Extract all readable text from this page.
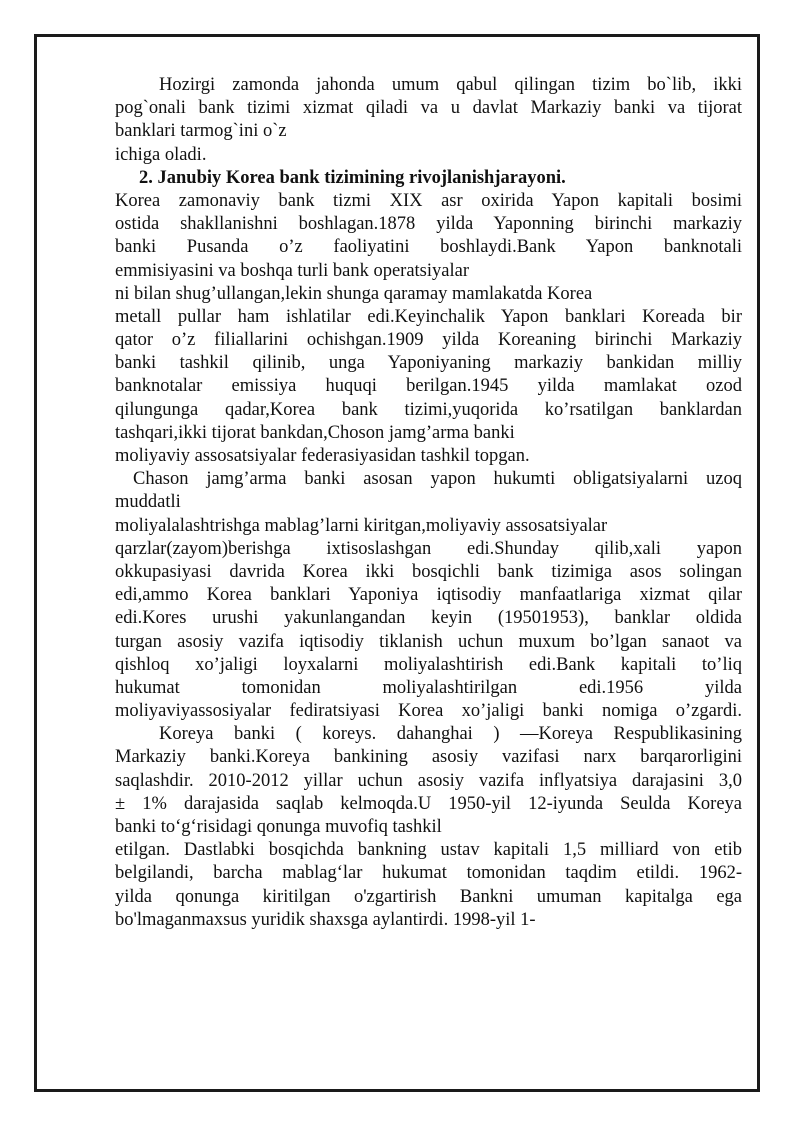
Hozirgi zamonda jahonda umum qabul qilingan tizim bo`lib, ikki
pog`onali bank tizimi xizmat qiladi va u davlat Markaziy banki va tijorat
banklari tarmog`ini o`z
ichiga oladi.
2. Janubiy Korea bank tizimining rivojlanishjarayoni.
Korea zamonaviy bank tizmi XIX asr oxirida Yapon kapitali bosimi
ostida shakllanishni boshlagan.1878 yilda Yaponning birinchi markaziy
banki Pusanda o’z faoliyatini boshlaydi.Bank Yapon banknotali
emmisiyasini va boshqa turli bank operatsiyalar
ni bilan shug’ullangan,lekin shunga qaramay mamlakatda Korea
metall pullar ham ishlatilar edi.Keyinchalik Yapon banklari Koreada bir
qator o’z filiallarini ochishgan.1909 yilda Koreaning birinchi Markaziy
banki tashkil qilinib, unga Yaponiyaning markaziy bankidan milliy
banknotalar emissiya huquqi berilgan.1945 yilda mamlakat ozod
qilungunga qadar,Korea bank tizimi,yuqorida ko’rsatilgan banklardan
tashqari,ikki tijorat bankdan,Choson jamg’arma banki
moliyaviy assosatsiyalar federasiyasidan tashkil topgan.
Chason jamg’arma banki asosan yapon hukumti obligatsiyalarni uzoq
muddatli
moliyalalashtrishga mablag’larni kiritgan,moliyaviy assosatsiyalar
qarzlar(zayom)berishga ixtisoslashgan edi.Shunday qilib,xali yapon
okkupasiyasi davrida Korea ikki bosqichli bank tizimiga asos solingan
edi,ammo Korea banklari Yaponiya iqtisodiy manfaatlariga xizmat qilar
edi.Kores urushi yakunlangandan keyin (19501953), banklar oldida
turgan asosiy vazifa iqtisodiy tiklanish uchun muxum bo’lgan sanaot va
qishloq xo’jaligi loyxalarni moliyalashtirish edi.Bank kapitali to’liq
hukumat tomonidan moliyalashtirilgan edi.1956 yilda
moliyaviyassosiyalar fediratsiyasi Korea xo’jaligi banki nomiga o’zgardi.
Koreya banki ( koreys. dahanghai ) —Koreya Respublikasining
Markaziy banki.Koreya bankining asosiy vazifasi narx barqarorligini
saqlashdir. 2010-2012 yillar uchun asosiy vazifa inflyatsiya darajasini 3,0
± 1% darajasida saqlab kelmoqda.U 1950-yil 12-iyunda Seulda Koreya
banki to‘g‘risidagi qonunga muvofiq tashkil
etilgan. Dastlabki bosqichda bankning ustav kapitali 1,5 milliard von etib
belgilandi, barcha mablag‘lar hukumat tomonidan taqdim etildi. 1962-
yilda qonunga kiritilgan o'zgartirish Bankni umuman kapitalga ega
bo'lmaganmaxsus yuridik shaxsga aylantirdi. 1998-yil 1-
